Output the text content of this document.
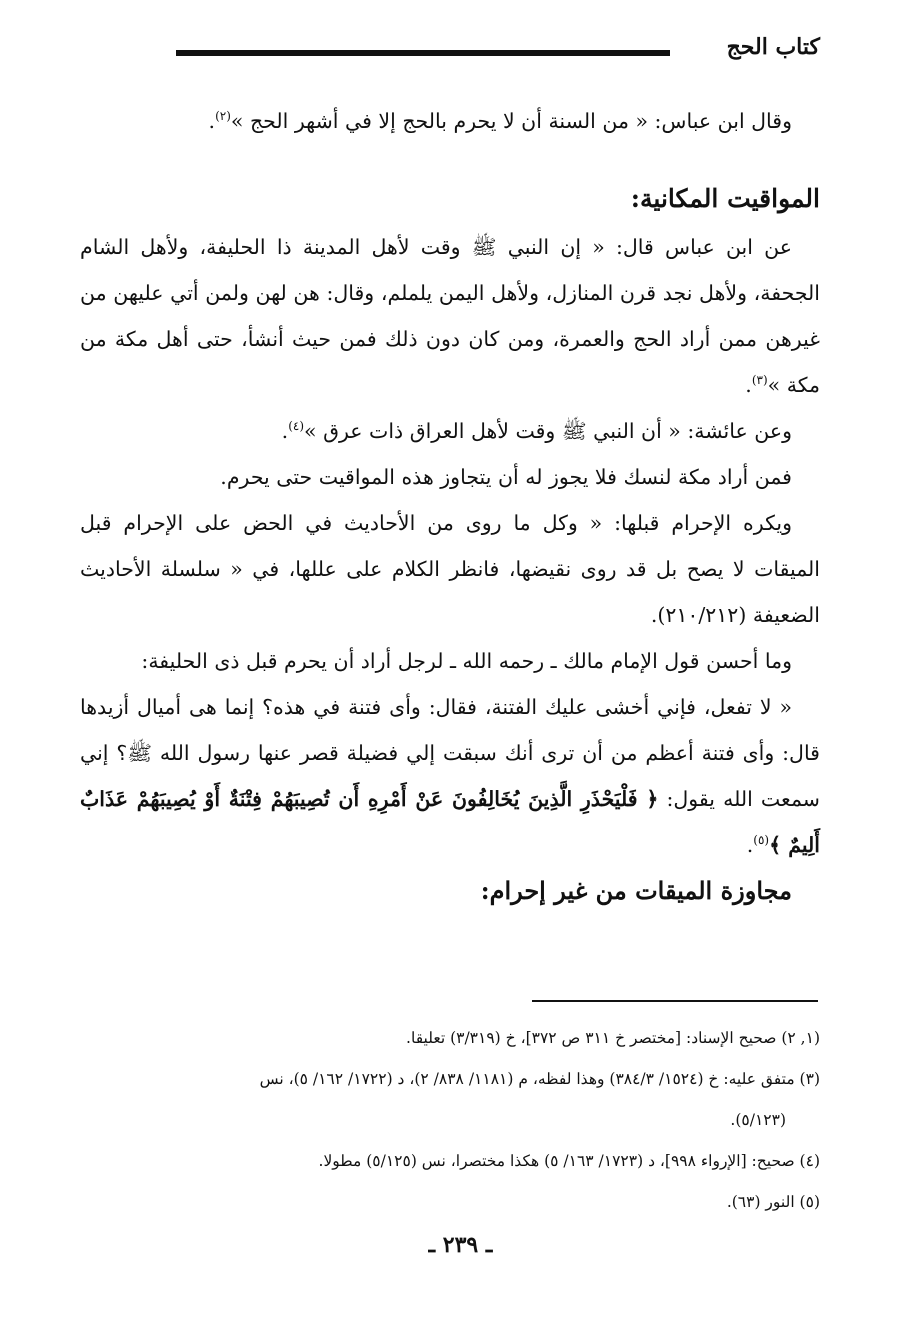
كتاب الحج

وقال ابن عباس: « من السنة أن لا يحرم بالحج إلا في أشهر الحج »$^{(٢)}$.

المواقيت المكانية:

عن ابن عباس قال: « إن النبي ﷺ وقت لأهل المدينة ذا الحليفة، ولأهل الشام الجحفة، ولأهل نجد قرن المنازل، ولأهل اليمن يلملم، وقال: هن لهن ولمن أتي عليهن من غيرهن ممن أراد الحج والعمرة، ومن كان دون ذلك فمن حيث أنشأ، حتى أهل مكة من مكة »$^{(٣)}$.

وعن عائشة: « أن النبي ﷺ وقت لأهل العراق ذات عرق »$^{(٤)}$.

فمن أراد مكة لنسك فلا يجوز له أن يتجاوز هذه المواقيت حتى يحرم.

ويكره الإحرام قبلها: « وكل ما روى من الأحاديث في الحض على الإحرام قبل الميقات لا يصح بل قد روى نقيضها، فانظر الكلام على عللها، في « سلسلة الأحاديث الضعيفة (٢١٠/٢١٢).

وما أحسن قول الإمام مالك ـ رحمه الله ـ لرجل أراد أن يحرم قبل ذى الحليفة:

« لا تفعل، فإني أخشى عليك الفتنة، فقال: وأى فتنة في هذه؟ إنما هى أميال أزيدها قال: وأى فتنة أعظم من أن ترى أنك سبقت إلي فضيلة قصر عنها رسول الله ﷺ؟ إني سمعت الله يقول: ﴿ فَلْيَحْذَرِ الَّذِينَ يُخَالِفُونَ عَنْ أَمْرِهِ أَن تُصِيبَهُمْ فِتْنَةٌ أَوْ يُصِيبَهُمْ عَذَابٌ أَلِيمٌ ﴾$^{(٥)}$.

مجاوزة الميقات من غير إحرام:

(١, ٢) صحيح الإسناد: [مختصر خ ٣١١ ص ٣٧٢]، خ (٣/٣١٩) تعليقا.

(٣) متفق عليه: خ (١٥٢٤/ ٣٨٤/٣) وهذا لفظه، م (١١٨١/ ٨٣٨/ ٢)، د (١٧٢٢/ ١٦٢/ ٥)، نس

(٥/١٢٣).

(٤) صحيح: [الإرواء ٩٩٨]، د (١٧٢٣/ ١٦٣/ ٥) هكذا مختصرا، نس (٥/١٢٥) مطولا.

(٥) النور (٦٣).

ـ ٢٣٩ ـ
